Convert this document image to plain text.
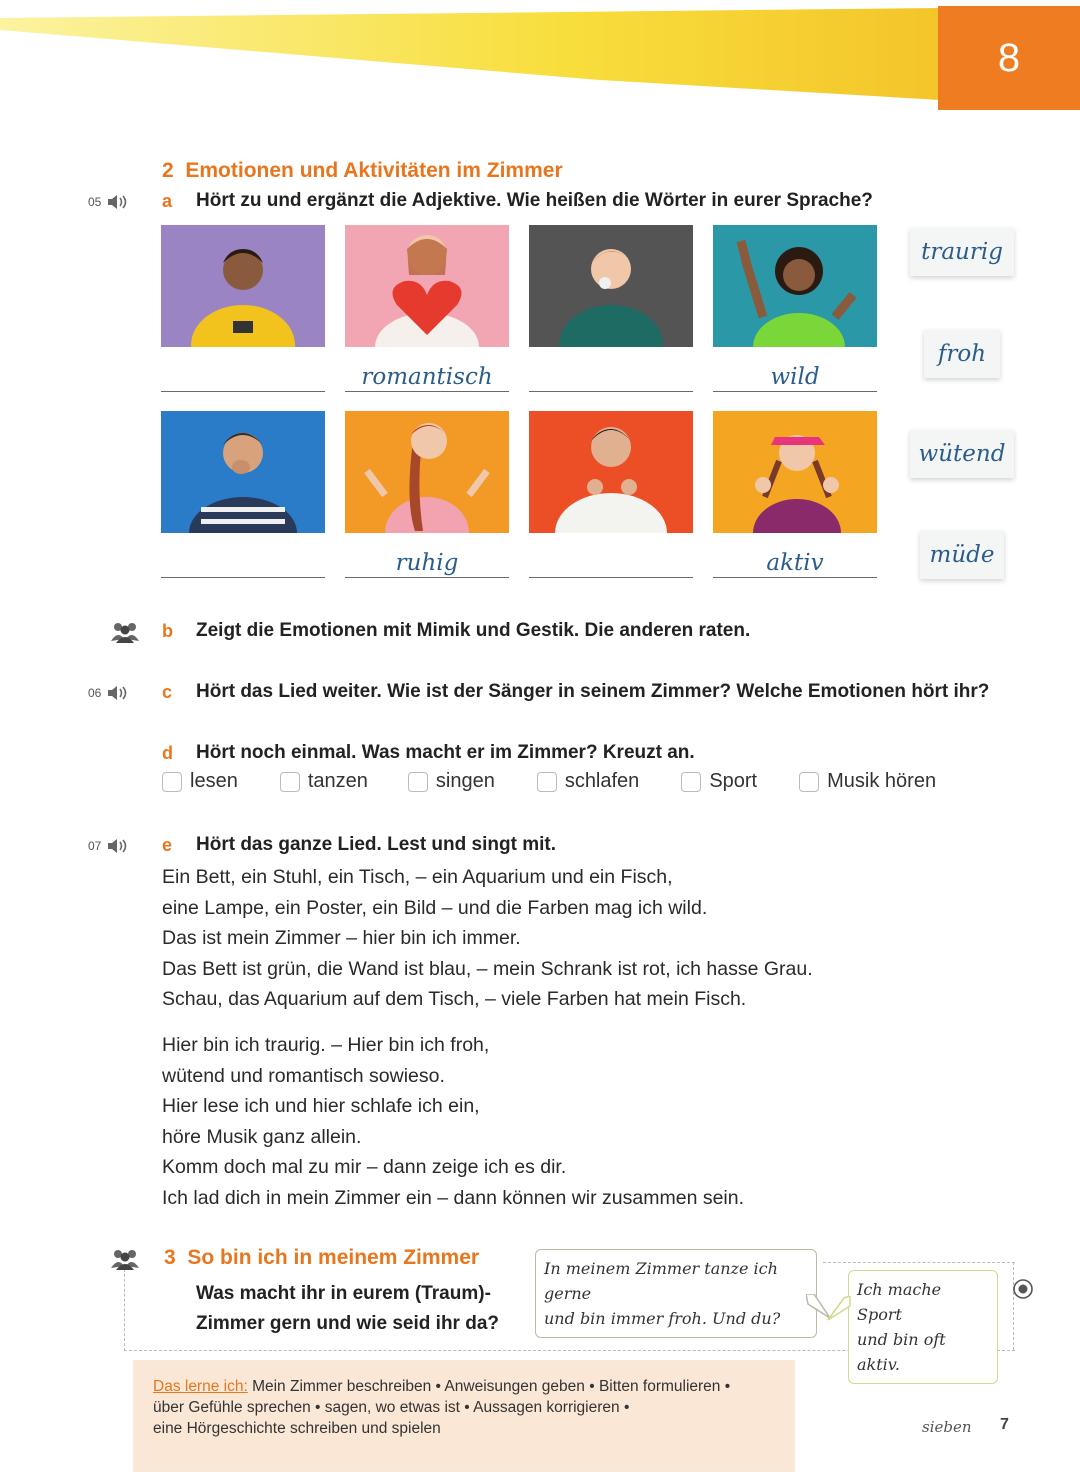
8
2 Emotionen und Aktivitäten im Zimmer
05	a Hört zu und ergänzt die Adjektive. Wie heißen die Wörter in eurer Sprache?
romantisch	wild
ruhig	aktiv
traurig
froh
wütend
müde
b Zeigt die Emotionen mit Mimik und Gestik. Die anderen raten.
06	c Hört das Lied weiter. Wie ist der Sänger in seinem Zimmer? Welche Emotionen hört ihr?
d Hört noch einmal. Was macht er im Zimmer? Kreuzt an.
lesen	tanzen	singen	schlafen	Sport	Musik hören
07	e Hört das ganze Lied. Lest und singt mit.
Ein Bett, ein Stuhl, ein Tisch, – ein Aquarium und ein Fisch,
eine Lampe, ein Poster, ein Bild – und die Farben mag ich wild.
Das ist mein Zimmer – hier bin ich immer.
Das Bett ist grün, die Wand ist blau, – mein Schrank ist rot, ich hasse Grau.
Schau, das Aquarium auf dem Tisch, – viele Farben hat mein Fisch.
Hier bin ich traurig. – Hier bin ich froh,
wütend und romantisch sowieso.
Hier lese ich und hier schlafe ich ein,
höre Musik ganz allein.
Komm doch mal zu mir – dann zeige ich es dir.
Ich lad dich in mein Zimmer ein – dann können wir zusammen sein.
3 So bin ich in meinem Zimmer
Was macht ihr in eurem (Traum)-
Zimmer gern und wie seid ihr da?
In meinem Zimmer tanze ich gerne
und bin immer froh. Und du?
Ich mache Sport
und bin oft aktiv.
Das lerne ich: Mein Zimmer beschreiben • Anweisungen geben • Bitten formulieren •
über Gefühle sprechen • sagen, wo etwas ist • Aussagen korrigieren •
eine Hörgeschichte schreiben und spielen	sieben 7
